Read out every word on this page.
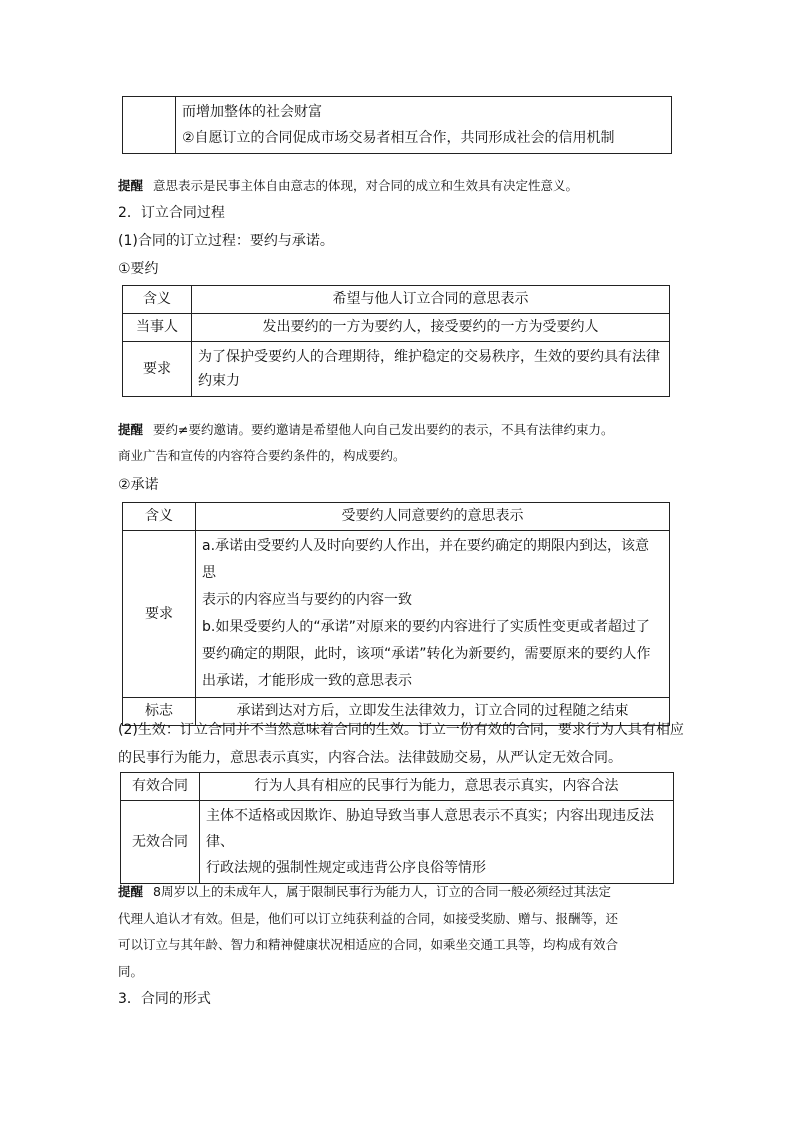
而增加整体的社会财富
②自愿订立的合同促成市场交易者相互合作，共同形成社会的信用机制
提醒 意思表示是民事主体自由意志的体现，对合同的成立和生效具有决定性意义。
2．订立合同过程
(1)合同的订立过程：要约与承诺。
①要约
含义	希望与他人订立合同的意思表示
当事人	发出要约的一方为要约人，接受要约的一方为受要约人
要求	为了保护受要约人的合理期待，维护稳定的交易秩序，生效的要约具有法律
约束力
提醒 要约≠要约邀请。要约邀请是希望他人向自己发出要约的表示，不具有法律约束力。
商业广告和宣传的内容符合要约条件的，构成要约。
②承诺
含义	受要约人同意要约的意思表示
要求	a.承诺由受要约人及时向要约人作出，并在要约确定的期限内到达，该意思
表示的内容应当与要约的内容一致
b.如果受要约人的“承诺”对原来的要约内容进行了实质性变更或者超过了
要约确定的期限，此时，该项“承诺”转化为新要约，需要原来的要约人作
出承诺，才能形成一致的意思表示

标志	承诺到达对方后，立即发生法律效力，订立合同的过程随之结束
(2)生效：订立合同并不当然意味着合同的生效。订立一份有效的合同，要求行为人具有相应
的民事行为能力，意思表示真实，内容合法。法律鼓励交易，从严认定无效合同。
有效合同	行为人具有相应的民事行为能力，意思表示真实，内容合法
无效合同	主体不适格或因欺诈、胁迫导致当事人意思表示不真实；内容出现违反法律、
行政法规的强制性规定或违背公序良俗等情形
提醒 8周岁以上的未成年人，属于限制民事行为能力人，订立的合同一般必须经过其法定
代理人追认才有效。但是，他们可以订立纯获利益的合同，如接受奖励、赠与、报酬等，还
可以订立与其年龄、智力和精神健康状况相适应的合同，如乘坐交通工具等，均构成有效合
同。
3．合同的形式
